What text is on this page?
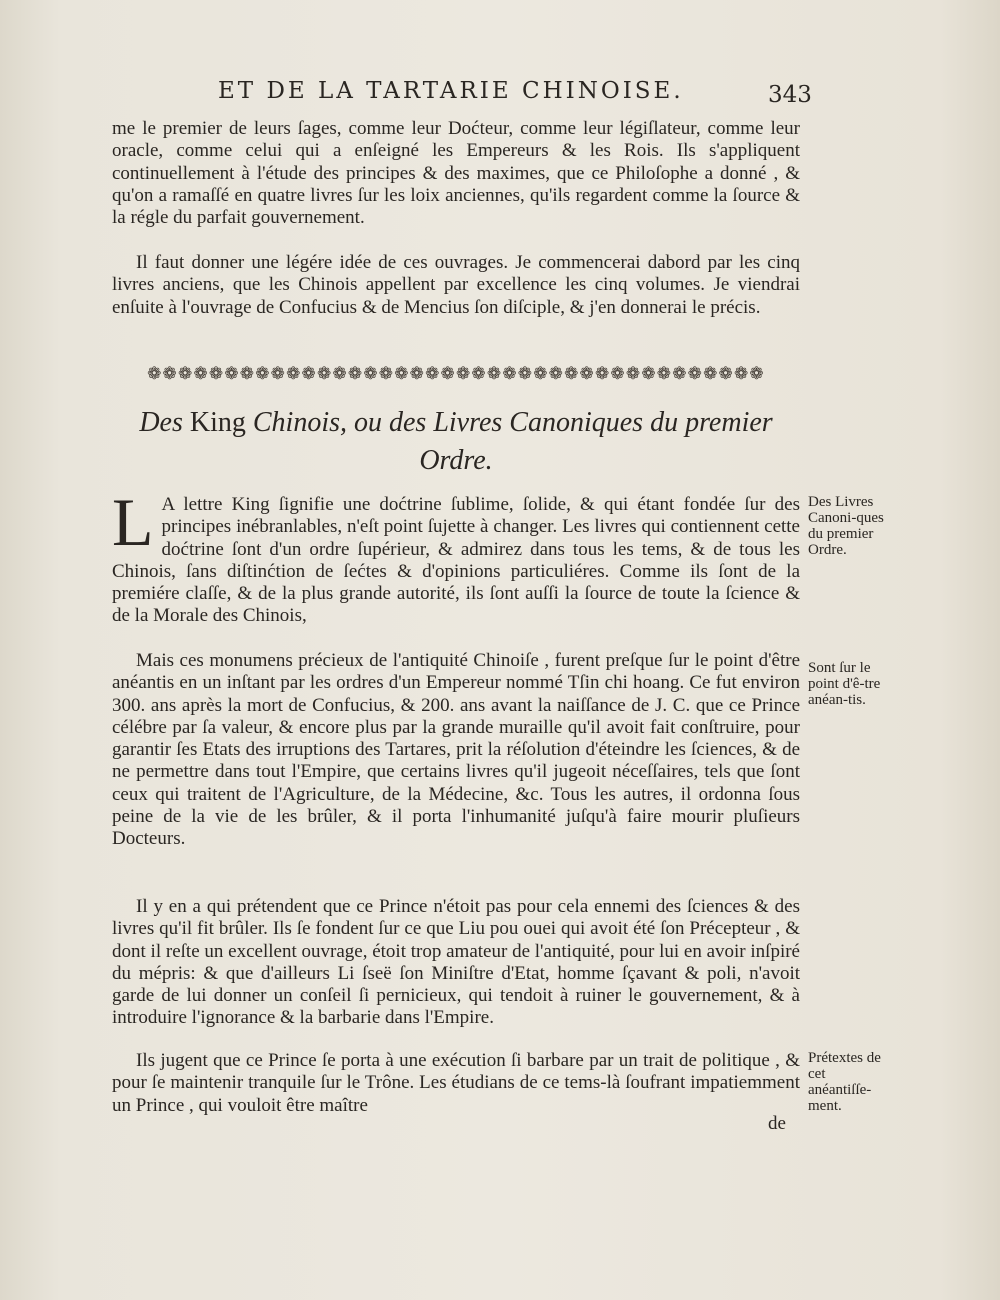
ET DE LA TARTARIE CHINOISE.	343

me le premier de leurs ſages, comme leur Doćteur, comme leur légiſlateur, comme leur oracle, comme celui qui a enſeigné les Empereurs & les Rois. Ils s'appliquent continuellement à l'étude des principes & des maximes, que ce Philoſophe a donné , & qu'on a ramaſſé en quatre livres ſur les loix anciennes, qu'ils regardent comme la ſource & la régle du parfait gouvernement.

Il faut donner une légére idée de ces ouvrages. Je commencerai dabord par les cinq livres anciens, que les Chinois appellent par excellence les cinq volumes. Je viendrai enſuite à l'ouvrage de Confucius & de Mencius ſon diſciple, & j'en donnerai le précis.

❁❁❁❁❁❁❁❁❁❁❁❁❁❁❁❁❁❁❁❁❁❁❁❁❁❁❁❁❁❁❁❁❁❁❁❁❁❁❁❁
Des King Chinois, ou des Livres Canoniques du premier Ordre.

L A lettre King ſignifie une doćtrine ſublime, ſolide, & qui étant fondée ſur des principes inébranlables, n'eſt point ſujette à changer. Les livres qui contiennent cette doćtrine ſont d'un ordre ſupérieur, & admirez dans tous les tems, & de tous les Chinois, ſans diſtinćtion de ſećtes & d'opinions particuliéres. Comme ils ſont de la premiére claſſe, & de la plus grande autorité, ils ſont auſſi la ſource de toute la ſcience & de la Morale des Chinois,

Mais ces monumens précieux de l'antiquité Chinoiſe , furent preſque ſur le point d'être anéantis en un inſtant par les ordres d'un Empereur nommé Tſin chi hoang. Ce fut environ 300. ans après la mort de Confucius, & 200. ans avant la naiſſance de J. C. que ce Prince célébre par ſa valeur, & encore plus par la grande muraille qu'il avoit fait conſtruire, pour garantir ſes Etats des irruptions des Tartares, prit la réſolution d'éteindre les ſciences, & de ne permettre dans tout l'Empire, que certains livres qu'il jugeoit néceſſaires, tels que ſont ceux qui traitent de l'Agriculture, de la Médecine, &c. Tous les autres, il ordonna ſous peine de la vie de les brûler, & il porta l'inhumanité juſqu'à faire mourir pluſieurs Docteurs.

Il y en a qui prétendent que ce Prince n'étoit pas pour cela ennemi des ſciences & des livres qu'il fit brûler. Ils ſe fondent ſur ce que Liu pou ouei qui avoit été ſon Précepteur , & dont il reſte un excellent ouvrage, étoit trop amateur de l'antiquité, pour lui en avoir inſpiré du mépris: & que d'ailleurs Li ſseë ſon Miniſtre d'Etat, homme ſçavant & poli, n'avoit garde de lui donner un conſeil ſi pernicieux, qui tendoit à ruiner le gouvernement, & à introduire l'ignorance & la barbarie dans l'Empire.

Ils jugent que ce Prince ſe porta à une exécution ſi barbare par un trait de politique , & pour ſe maintenir tranquile ſur le Trône. Les étudians de ce tems-là ſoufrant impatiemment un Prince , qui vouloit être maître

de
Des Livres Canoni-ques du premier Ordre.
Sont ſur le point d'ê-tre anéan-tis.
Prétextes de cet anéantiſſe-ment.
